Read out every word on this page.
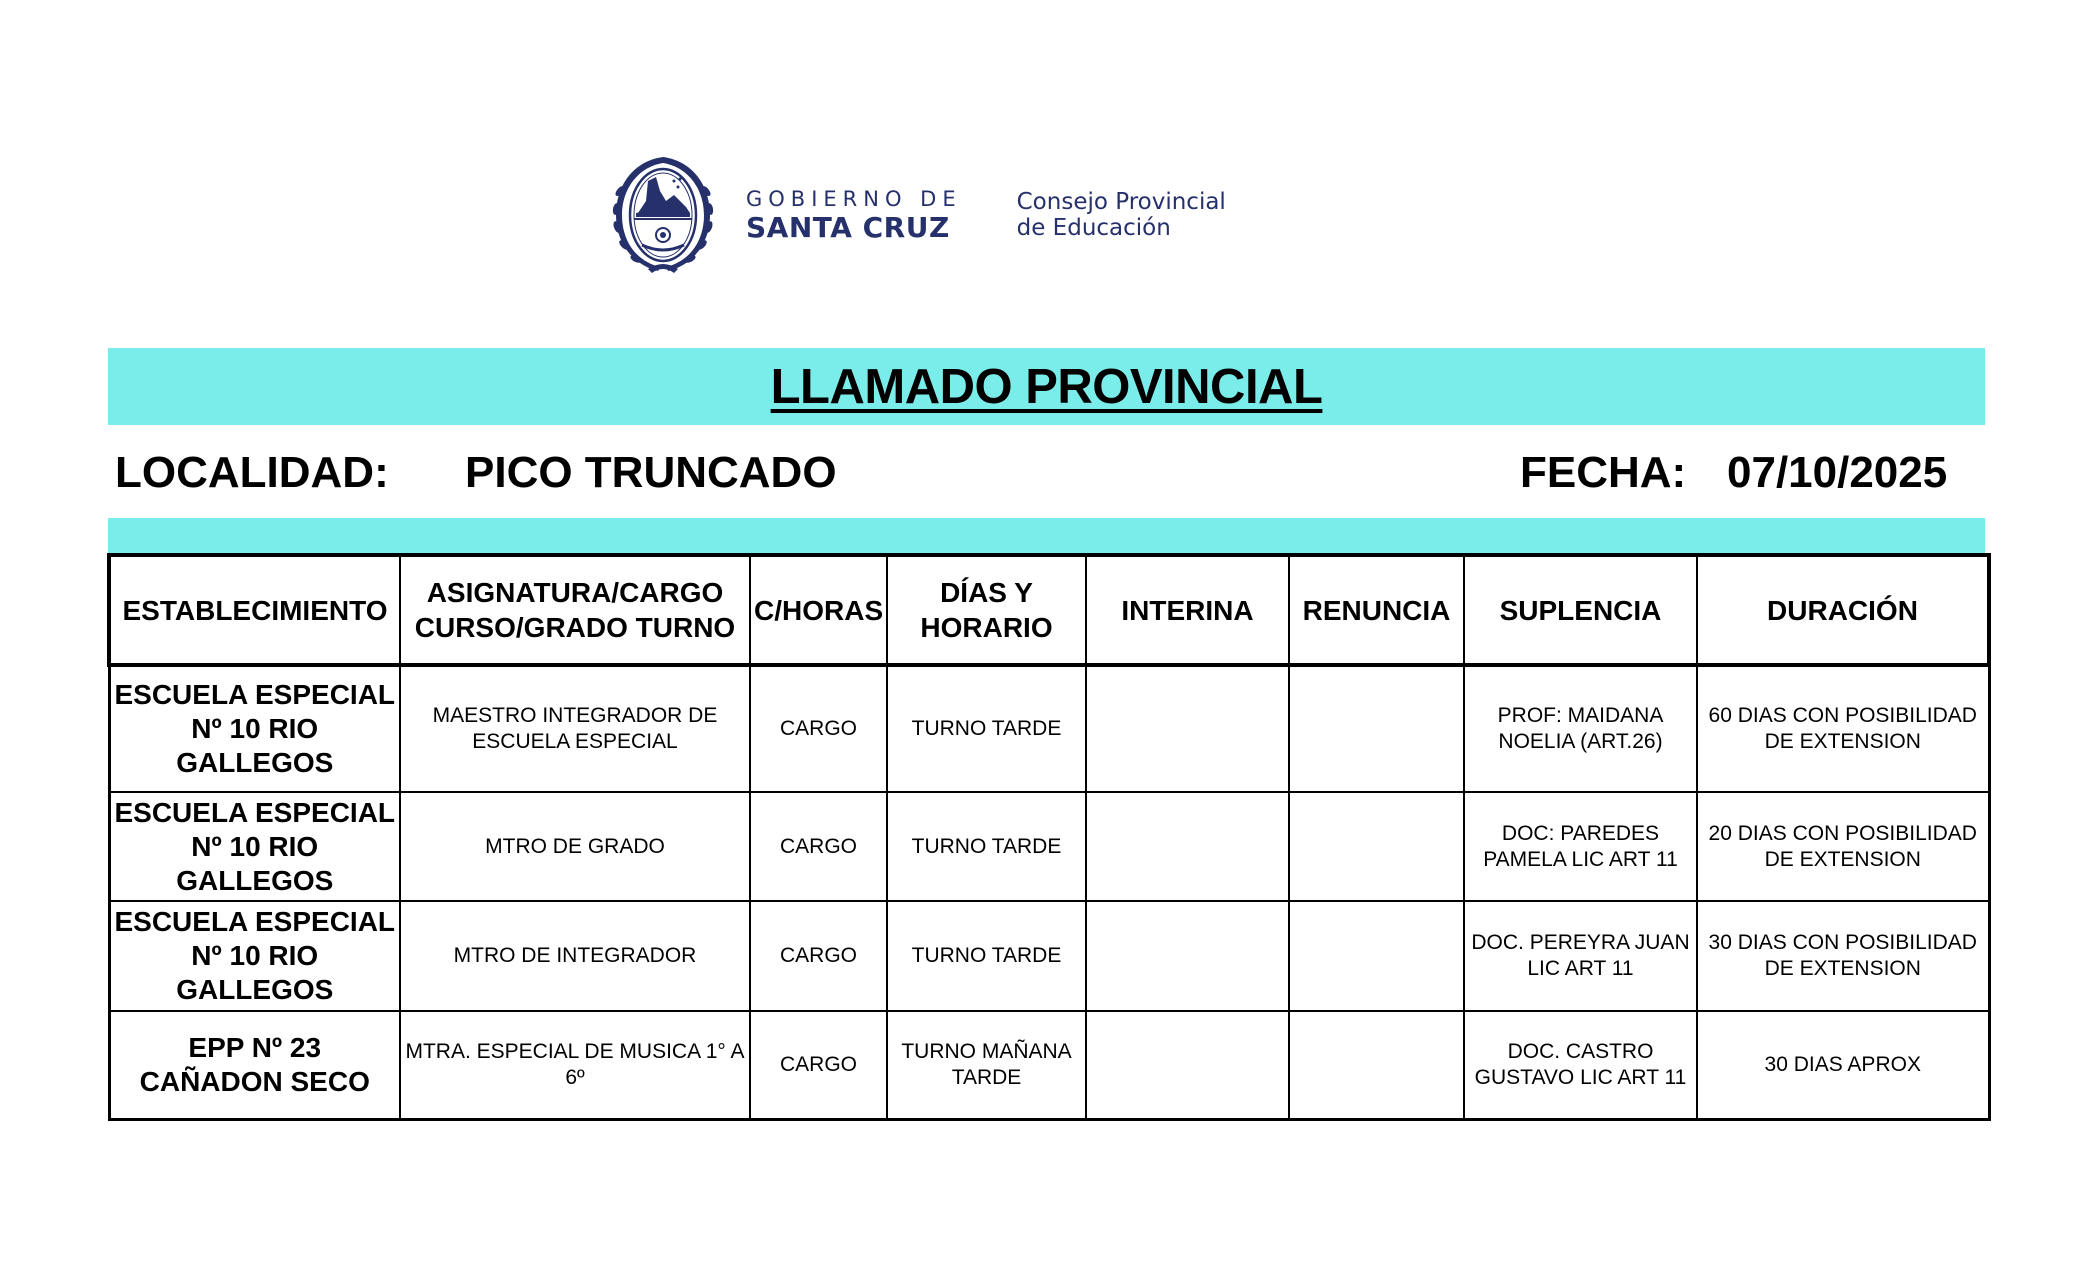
GOBIERNO DE
SANTA CRUZ
Consejo Provincial
de Educación
LLAMADO PROVINCIAL
LOCALIDAD: PICO TRUNCADO	FECHA: 07/10/2025
ESTABLECIMIENTO	ASIGNATURA/CARGO CURSO/GRADO TURNO	C/HORAS	DÍAS Y HORARIO	INTERINA	RENUNCIA	SUPLENCIA	DURACIÓN
ESCUELA ESPECIAL Nº 10 RIO GALLEGOS	MAESTRO INTEGRADOR DE ESCUELA ESPECIAL	CARGO	TURNO TARDE			PROF: MAIDANA NOELIA (ART.26)	60 DIAS CON POSIBILIDAD DE EXTENSION
ESCUELA ESPECIAL Nº 10 RIO GALLEGOS	MTRO DE GRADO	CARGO	TURNO TARDE			DOC: PAREDES PAMELA LIC ART 11	20 DIAS CON POSIBILIDAD DE EXTENSION
ESCUELA ESPECIAL Nº 10 RIO GALLEGOS	MTRO DE INTEGRADOR	CARGO	TURNO TARDE			DOC. PEREYRA JUAN LIC ART 11	30 DIAS CON POSIBILIDAD DE EXTENSION
EPP Nº 23 CAÑADON SECO	MTRA. ESPECIAL DE MUSICA 1° A 6º	CARGO	TURNO MAÑANA TARDE			DOC. CASTRO GUSTAVO LIC ART 11	30 DIAS APROX
